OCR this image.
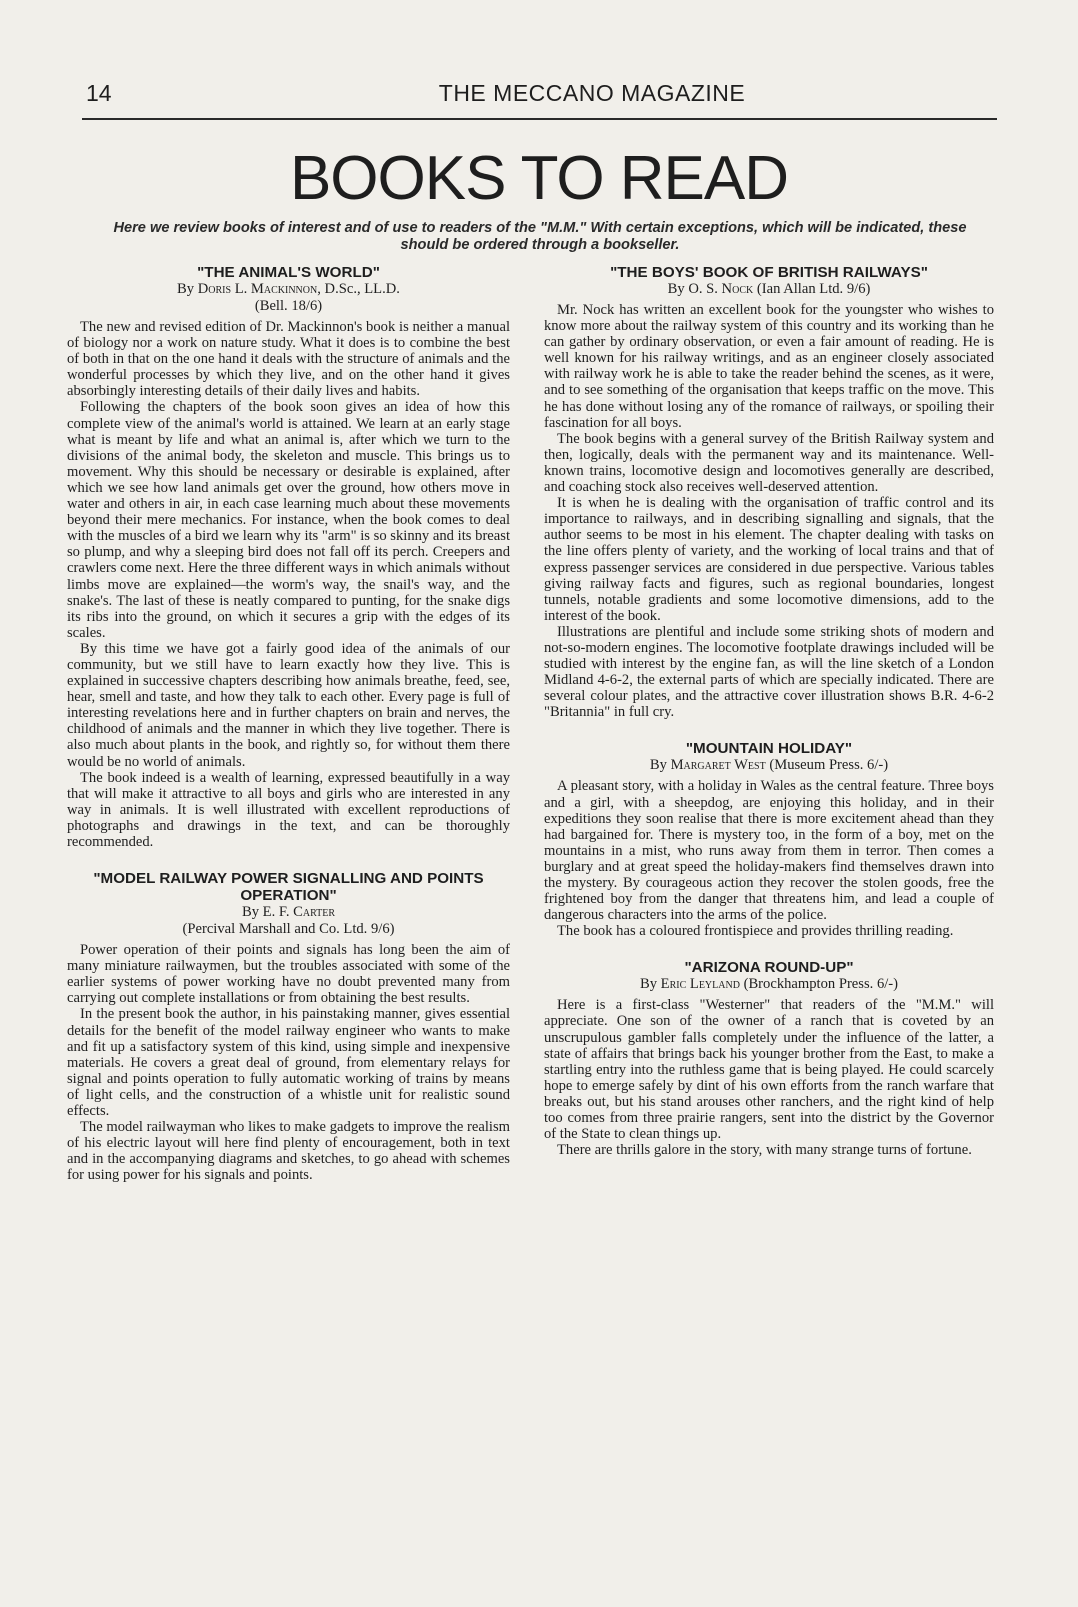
14	THE MECCANO MAGAZINE
BOOKS TO READ
Here we review books of interest and of use to readers of the "M.M." With certain exceptions, which will be indicated, these should be ordered through a bookseller.
"THE ANIMAL'S WORLD"

By Doris L. Mackinnon, D.Sc., LL.D.

(Bell. 18/6)

The new and revised edition of Dr. Mackinnon's book is neither a manual of biology nor a work on nature study. What it does is to combine the best of both in that on the one hand it deals with the structure of animals and the wonderful processes by which they live, and on the other hand it gives absorbingly interesting details of their daily lives and habits.

Following the chapters of the book soon gives an idea of how this complete view of the animal's world is attained. We learn at an early stage what is meant by life and what an animal is, after which we turn to the divisions of the animal body, the skeleton and muscle. This brings us to movement. Why this should be necessary or desirable is explained, after which we see how land animals get over the ground, how others move in water and others in air, in each case learning much about these movements beyond their mere mechanics. For instance, when the book comes to deal with the muscles of a bird we learn why its "arm" is so skinny and its breast so plump, and why a sleeping bird does not fall off its perch. Creepers and crawlers come next. Here the three different ways in which animals without limbs move are explained—the worm's way, the snail's way, and the snake's. The last of these is neatly compared to punting, for the snake digs its ribs into the ground, on which it secures a grip with the edges of its scales.

By this time we have got a fairly good idea of the animals of our community, but we still have to learn exactly how they live. This is explained in successive chapters describing how animals breathe, feed, see, hear, smell and taste, and how they talk to each other. Every page is full of interesting revelations here and in further chapters on brain and nerves, the childhood of animals and the manner in which they live together. There is also much about plants in the book, and rightly so, for without them there would be no world of animals.

The book indeed is a wealth of learning, expressed beautifully in a way that will make it attractive to all boys and girls who are interested in any way in animals. It is well illustrated with excellent reproductions of photographs and drawings in the text, and can be thoroughly recommended.

"MODEL RAILWAY POWER SIGNALLING AND POINTS OPERATION"

By E. F. Carter

(Percival Marshall and Co. Ltd. 9/6)

Power operation of their points and signals has long been the aim of many miniature railwaymen, but the troubles associated with some of the earlier systems of power working have no doubt prevented many from carrying out complete installations or from obtaining the best results.

In the present book the author, in his painstaking manner, gives essential details for the benefit of the model railway engineer who wants to make and fit up a satisfactory system of this kind, using simple and inexpensive materials. He covers a great deal of ground, from elementary relays for signal and points operation to fully automatic working of trains by means of light cells, and the construction of a whistle unit for realistic sound effects.

The model railwayman who likes to make gadgets to improve the realism of his electric layout will here find plenty of encouragement, both in text and in the accompanying diagrams and sketches, to go ahead with schemes for using power for his signals and points.

"THE BOYS' BOOK OF BRITISH RAILWAYS"

By O. S. Nock (Ian Allan Ltd. 9/6)

Mr. Nock has written an excellent book for the youngster who wishes to know more about the railway system of this country and its working than he can gather by ordinary observation, or even a fair amount of reading. He is well known for his railway writings, and as an engineer closely associated with railway work he is able to take the reader behind the scenes, as it were, and to see something of the organisation that keeps traffic on the move. This he has done without losing any of the romance of railways, or spoiling their fascination for all boys.

The book begins with a general survey of the British Railway system and then, logically, deals with the permanent way and its maintenance. Well-known trains, locomotive design and locomotives generally are described, and coaching stock also receives well-deserved attention.

It is when he is dealing with the organisation of traffic control and its importance to railways, and in describing signalling and signals, that the author seems to be most in his element. The chapter dealing with tasks on the line offers plenty of variety, and the working of local trains and that of express passenger services are considered in due perspective. Various tables giving railway facts and figures, such as regional boundaries, longest tunnels, notable gradients and some locomotive dimensions, add to the interest of the book.

Illustrations are plentiful and include some striking shots of modern and not-so-modern engines. The locomotive footplate drawings included will be studied with interest by the engine fan, as will the line sketch of a London Midland 4-6-2, the external parts of which are specially indicated. There are several colour plates, and the attractive cover illustration shows B.R. 4-6-2 "Britannia" in full cry.

"MOUNTAIN HOLIDAY"

By Margaret West (Museum Press. 6/-)

A pleasant story, with a holiday in Wales as the central feature. Three boys and a girl, with a sheepdog, are enjoying this holiday, and in their expeditions they soon realise that there is more excitement ahead than they had bargained for. There is mystery too, in the form of a boy, met on the mountains in a mist, who runs away from them in terror. Then comes a burglary and at great speed the holiday-makers find themselves drawn into the mystery. By courageous action they recover the stolen goods, free the frightened boy from the danger that threatens him, and lead a couple of dangerous characters into the arms of the police.

The book has a coloured frontispiece and provides thrilling reading.

"ARIZONA ROUND-UP"

By Eric Leyland (Brockhampton Press. 6/-)

Here is a first-class "Westerner" that readers of the "M.M." will appreciate. One son of the owner of a ranch that is coveted by an unscrupulous gambler falls completely under the influence of the latter, a state of affairs that brings back his younger brother from the East, to make a startling entry into the ruthless game that is being played. He could scarcely hope to emerge safely by dint of his own efforts from the ranch warfare that breaks out, but his stand arouses other ranchers, and the right kind of help too comes from three prairie rangers, sent into the district by the Governor of the State to clean things up.

There are thrills galore in the story, with many strange turns of fortune.
